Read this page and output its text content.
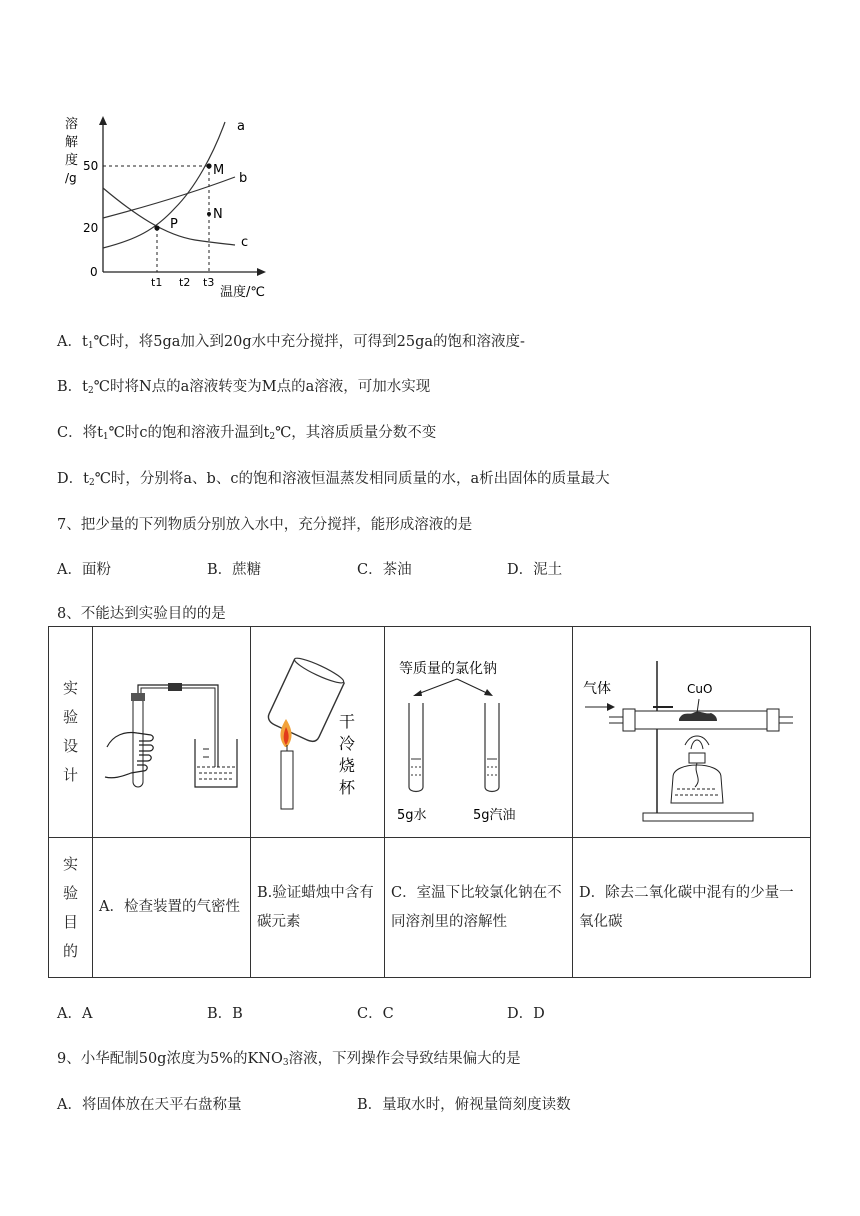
溶
解
度
/g
50
20
0
t1 t2 t3
温度/℃
a
b
c
M
N
P
A．$t_1℃$时，将5ga加入到20g水中充分搅拌，可得到25ga的饱和溶液度-
B．$t_2℃$时将N点的a溶液转变为M点的a溶液，可加水实现
C．将$t_1℃$时c的饱和溶液升温到$t_2℃$，其溶质质量分数不变
D．$t_2℃$时，分别将a、b、c的饱和溶液恒温蒸发相同质量的水，a析出固体的质量最大
7、把少量的下列物质分别放入水中，充分搅拌，能形成溶液的是
A．面粉	B．蔗糖	C．茶油	D．泥土
8、不能达到实验目的的是
实
验
设
计		干
冷
烧
杯	等质量的氯化钠
5g水 5g汽油	气体 CuO

实
验
目
的	A．检查装置的气密性	B.验证蜡烛中含有碳元素	C．室温下比较氯化钠在不同溶剂里的溶解性	D．除去二氧化碳中混有的少量一氧化碳
A．A	B．B	C．C	D．D
9、小华配制50g浓度为5%的$KNO_3$溶液，下列操作会导致结果偏大的是
A．将固体放在天平右盘称量	B．量取水时，俯视量筒刻度读数
